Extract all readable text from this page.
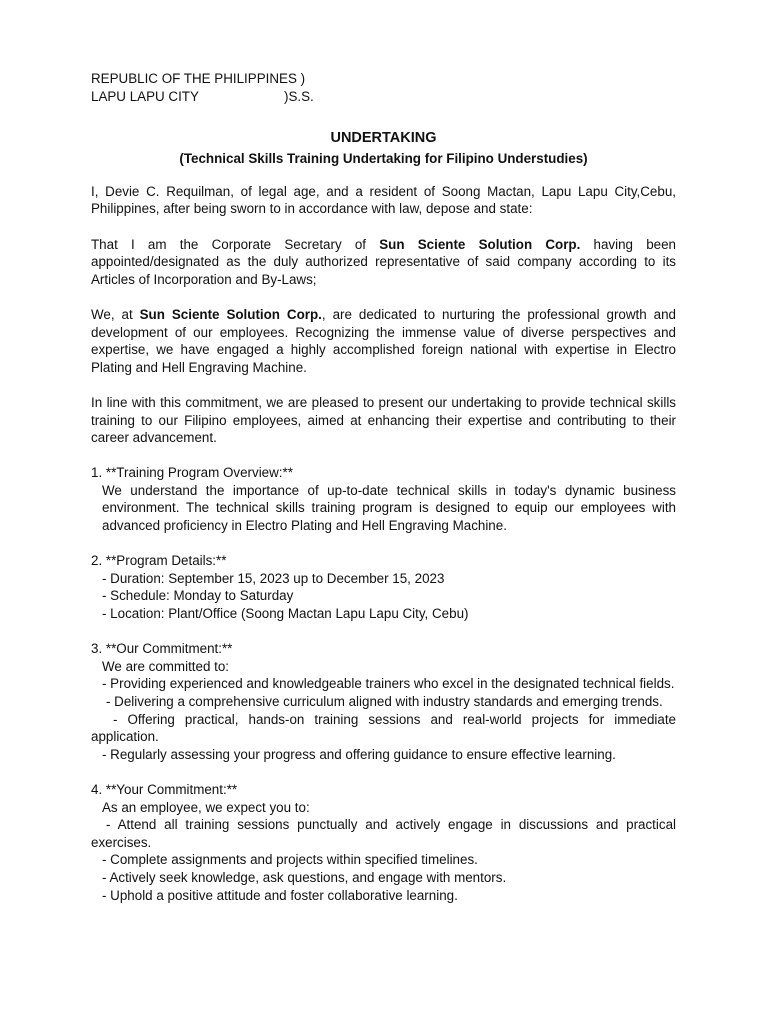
REPUBLIC OF THE PHILIPPINES )

LAPU LAPU CITY	)S.S.

UNDERTAKING

(Technical Skills Training Undertaking for Filipino Understudies)

I, Devie C. Requilman, of legal age, and a resident of Soong Mactan, Lapu Lapu City,Cebu, Philippines, after being sworn to in accordance with law, depose and state:

That I am the Corporate Secretary of Sun Sciente Solution Corp. having been appointed/designated as the duly authorized representative of said company according to its Articles of Incorporation and By-Laws;

We, at Sun Sciente Solution Corp., are dedicated to nurturing the professional growth and development of our employees. Recognizing the immense value of diverse perspectives and expertise, we have engaged a highly accomplished foreign national with expertise in Electro Plating and Hell Engraving Machine.

In line with this commitment, we are pleased to present our undertaking to provide technical skills training to our Filipino employees, aimed at enhancing their expertise and contributing to their career advancement.

1. **Training Program Overview:**

We understand the importance of up-to-date technical skills in today's dynamic business environment. The technical skills training program is designed to equip our employees with advanced proficiency in Electro Plating and Hell Engraving Machine.

2. **Program Details:**

- Duration: September 15, 2023 up to December 15, 2023

- Schedule: Monday to Saturday

- Location: Plant/Office (Soong Mactan Lapu Lapu City, Cebu)

3. **Our Commitment:**

We are committed to:

- Providing experienced and knowledgeable trainers who excel in the designated technical fields.

- Delivering a comprehensive curriculum aligned with industry standards and emerging trends.

- Offering practical, hands-on training sessions and real-world projects for immediate application.

- Regularly assessing your progress and offering guidance to ensure effective learning.

4. **Your Commitment:**

As an employee, we expect you to:

- Attend all training sessions punctually and actively engage in discussions and practical exercises.

- Complete assignments and projects within specified timelines.

- Actively seek knowledge, ask questions, and engage with mentors.

- Uphold a positive attitude and foster collaborative learning.
